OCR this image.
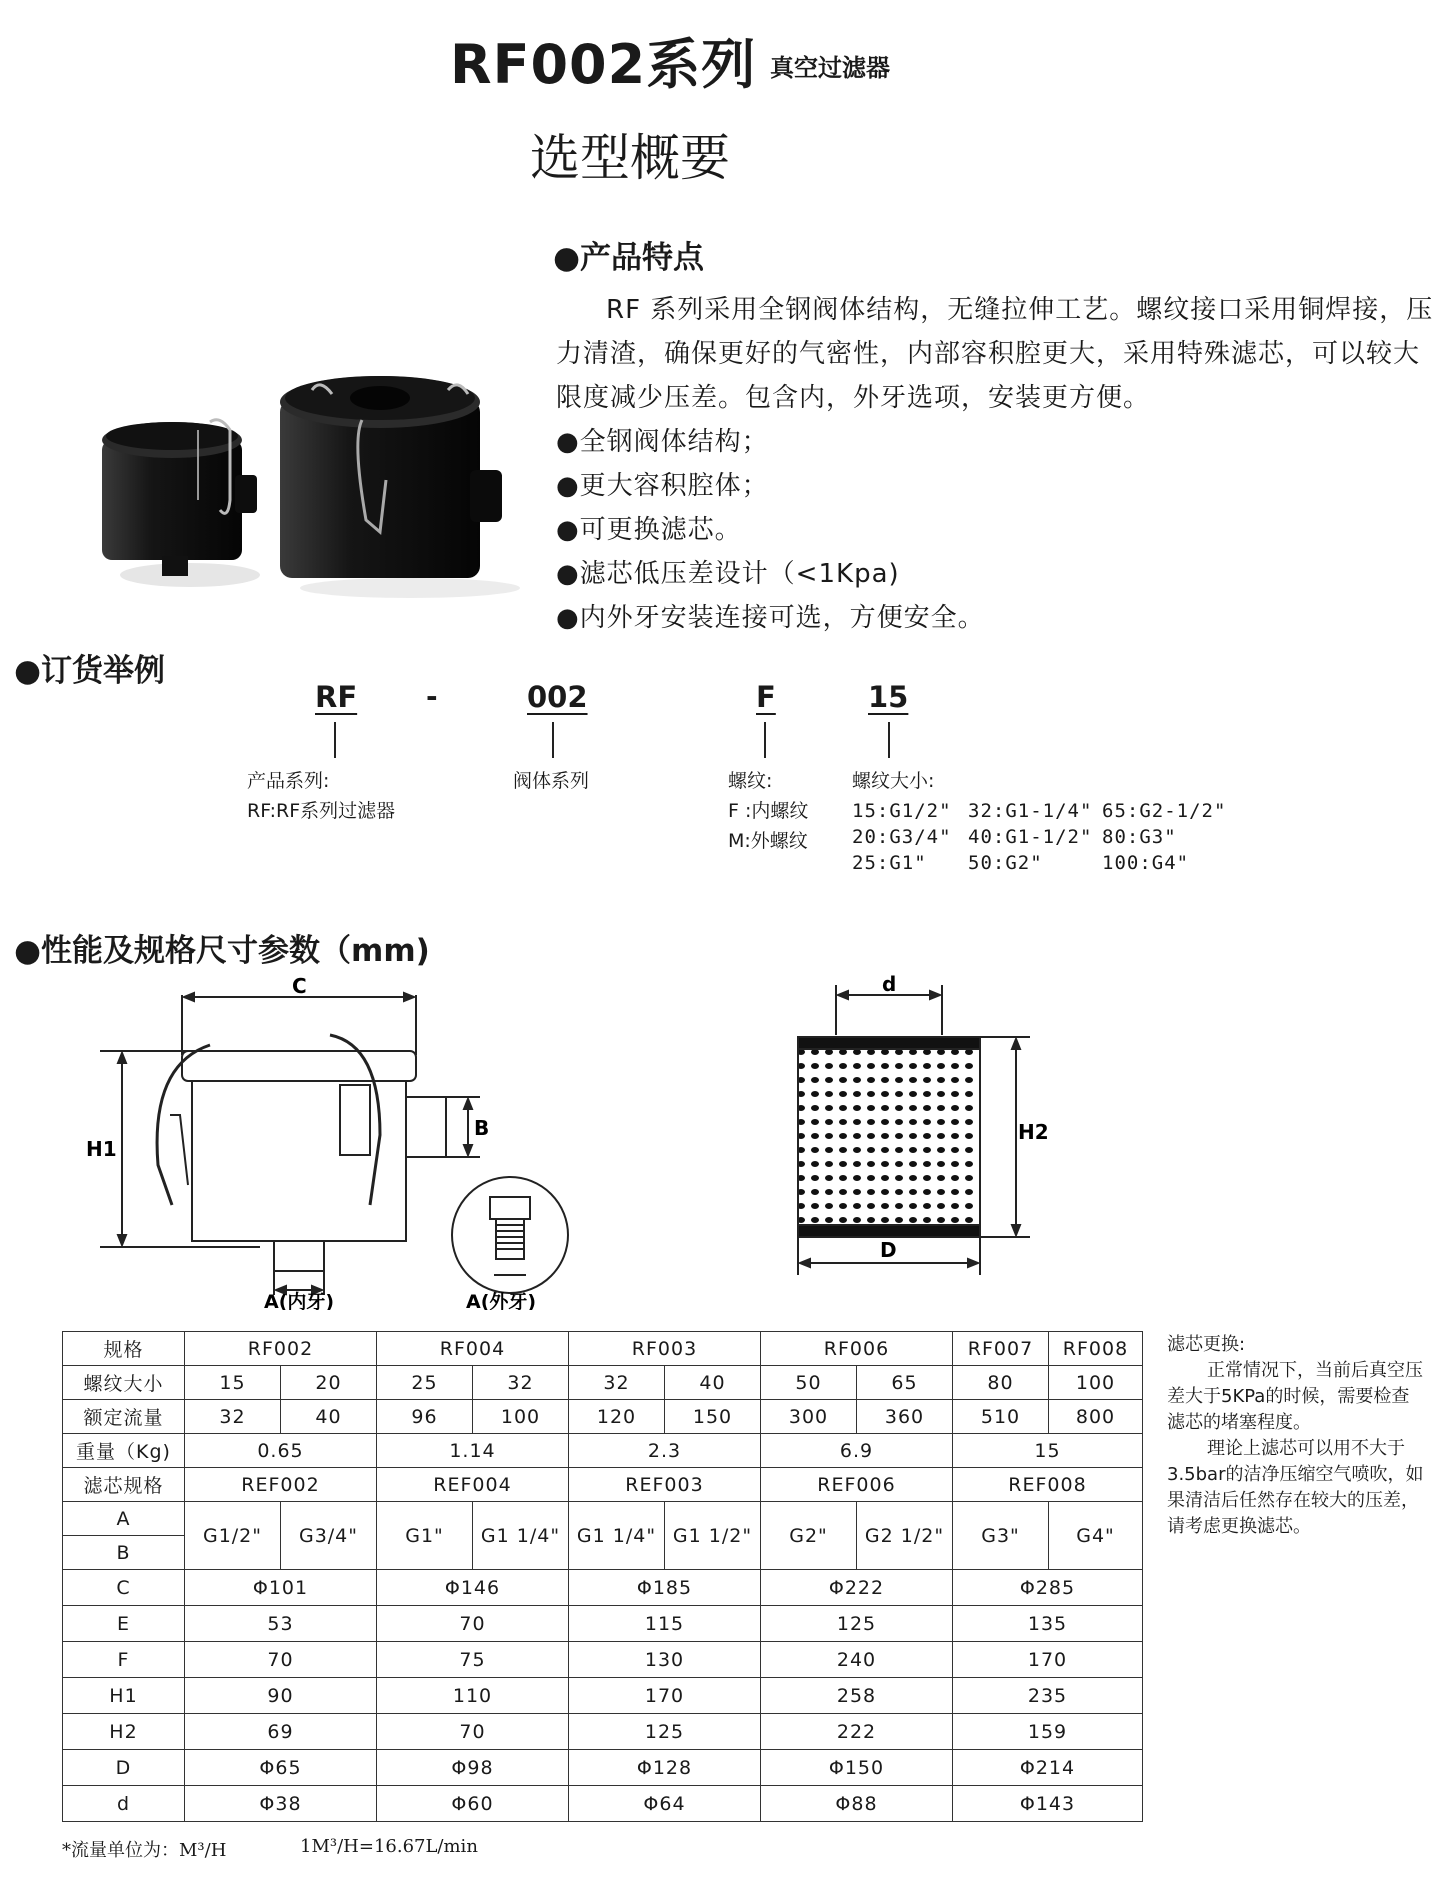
RF002系列 真空过滤器
选型概要
●产品特点
RF 系列采用全钢阀体结构，无缝拉伸工艺。螺纹接口采用铜焊接，压力清渣，确保更好的气密性，内部容积腔更大，采用特殊滤芯，可以较大限度减少压差。包含内，外牙选项，安装更方便。
●全钢阀体结构；
●更大容积腔体；
●可更换滤芯。
●滤芯低压差设计（<1Kpa)
●内外牙安装连接可选，方便安全。
●订货举例
RF -	002	F	15
产品系列:
RF:RF系列过滤器
阀体系列	螺纹:
F :内螺纹
M:外螺纹
螺纹大小:
15:G1/2" 32:G1-1/4" 65:G2-1/2"
20:G3/4" 40:G1-1/2" 80:G3"
25:G1" 50:G2"	100:G4"
●性能及规格尺寸参数（mm)
C
H1
B
A(内牙)	A(外牙)
d
H2
D
规格	RF002		RF004		RF003		RF006		RF007	RF008
螺纹大小	15	20	25	32	32	40	50	65	80	100
额定流量	32	40	96	100	120	150	300	360	510	800
重量（Kg)	0.65		1.14		2.3		6.9		15	
滤芯规格	REF002		REF004		REF003		REF006		REF008	
A	G1/2"	G3/4"	G1"	G1 1/4"	G1 1/4"	G1 1/2"	G2"	G2 1/2"	G3"	G4"
B										
C	Φ101		Φ146		Φ185		Φ222		Φ285	
E	53		70		115		125		135	
F	70		75		130		240		170	
H1	90		110		170		258		235	
H2	69		70		125		222		159	
D	Φ65		Φ98		Φ128		Φ150		Φ214	
d	Φ38		Φ60		Φ64		Φ88		Φ143	
滤芯更换:
正常情况下，当前后真空压差大于5KPa的时候，需要检查滤芯的堵塞程度。
理论上滤芯可以用不大于3.5bar的洁净压缩空气喷吹，如果清洁后任然存在较大的压差，请考虑更换滤芯。
*流量单位为：M³/H	1M³/H=16.67L/min
